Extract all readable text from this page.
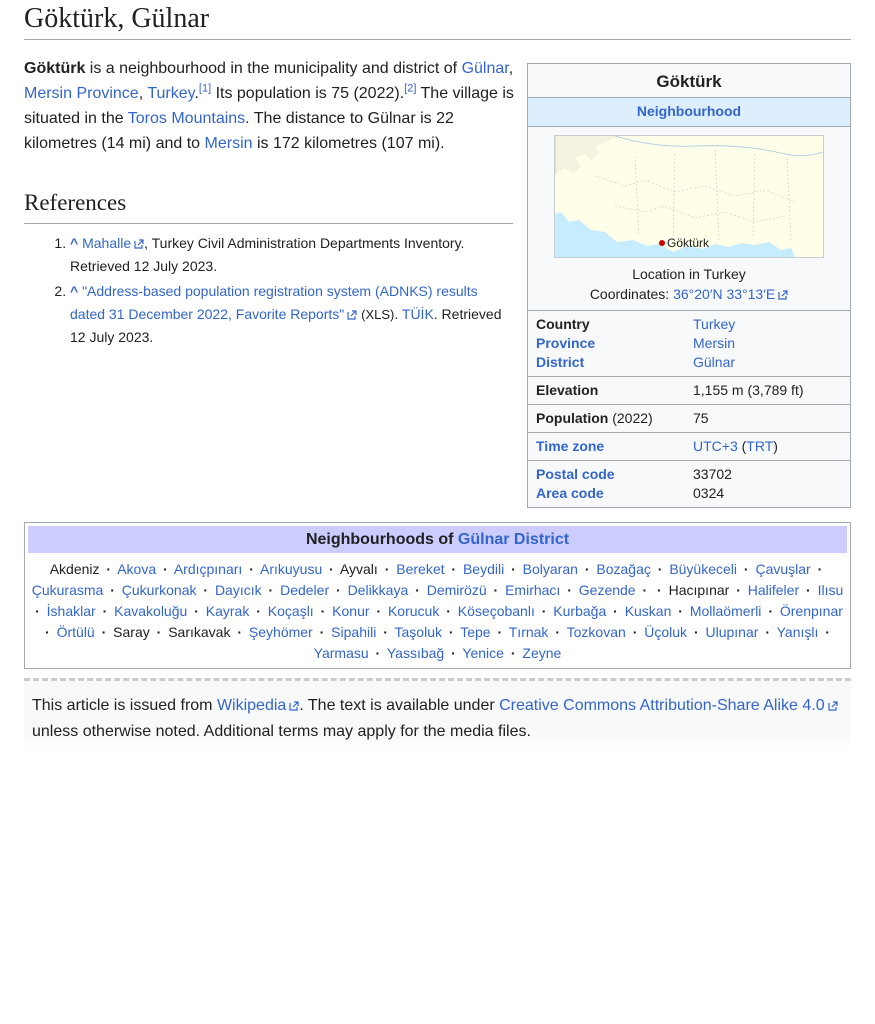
Göktürk, Gülnar
Göktürk
Neighbourhood
Göktürk
Location in Turkey
Coordinates: 36°20′N 33°13′E
Country	Turkey
Province	Mersin
District	Gülnar
Elevation	1,155 m (3,789 ft)
Population (2022)	75
Time zone	UTC+3 (TRT)
Postal code	33702
Area code	0324

Göktürk is a neighbourhood in the municipality and district of Gülnar, Mersin Province, Turkey.[1] Its population is 75 (2022).[2] The village is situated in the Toros Mountains. The distance to Gülnar is 22 kilometres (14 mi) and to Mersin is 172 kilometres (107 mi).

References
1. ^ Mahalle , Turkey Civil Administration Departments Inventory. Retrieved 12 July 2023.
2. ^ "Address-based population registration system (ADNKS) results dated 31 December 2022, Favorite Reports" (XLS). TÜİK. Retrieved 12 July 2023.
Neighbourhoods of Gülnar District
Akdeniz · Akova · Ardıçpınarı · Arıkuyusu · Ayvalı · Bereket · Beydili · Bolyaran · Bozağaç · Büyükeceli · Çavuşlar · Çukurasma · Çukurkonak · Dayıcık · Dedeler · Delikkaya · Demirözü · Emirhacı · Gezende · · Hacıpınar · Halifeler · Ilısu · İshaklar · Kavakoluğu · Kayrak · Koçaşlı · Konur · Korucuk · Köseçobanlı · Kurbağa · Kuskan · Mollaömerli · Örenpınar · Örtülü · Saray · Sarıkavak · Şeyhömer · Sipahili · Taşoluk · Tepe · Tırnak · Tozkovan · Üçoluk · Ulupınar · Yanışlı · Yarmasu · Yassıbağ · Yenice · Zeyne
This article is issued from Wikipedia . The text is available under Creative Commons Attribution-Share Alike 4.0 unless otherwise noted. Additional terms may apply for the media files.
